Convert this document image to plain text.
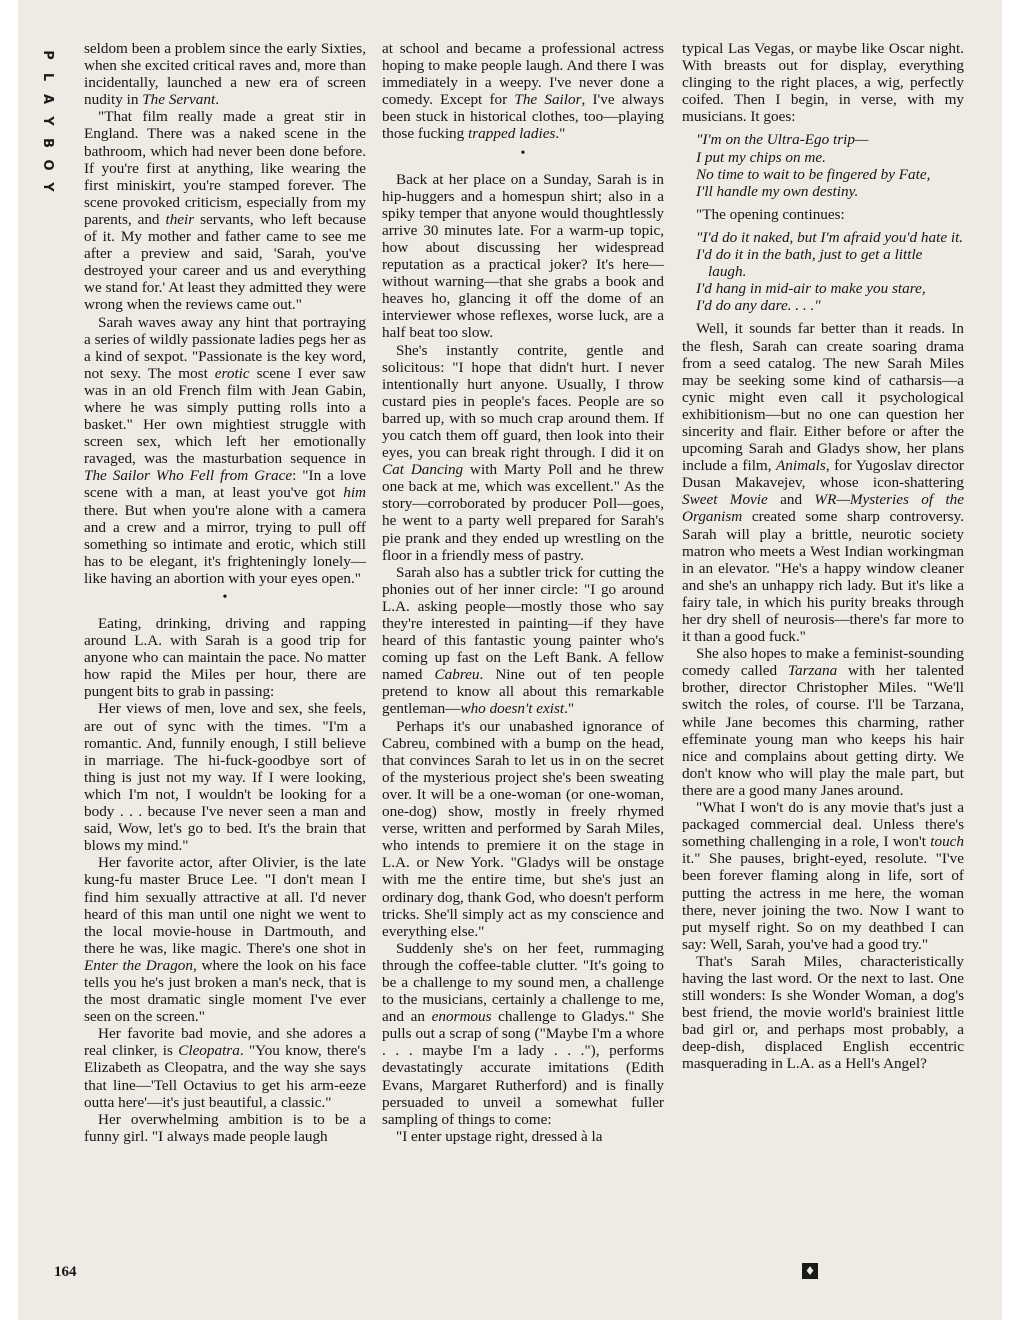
P
L
A
Y
B
O
Y

seldom been a problem since the early Sixties, when she excited critical raves and, more than incidentally, launched a new era of screen nudity in The Servant.

"That film really made a great stir in England. There was a naked scene in the bathroom, which had never been done before. If you're first at anything, like wearing the first miniskirt, you're stamped forever. The scene provoked criticism, especially from my parents, and their servants, who left because of it. My mother and father came to see me after a preview and said, 'Sarah, you've destroyed your career and us and everything we stand for.' At least they admitted they were wrong when the reviews came out."

Sarah waves away any hint that portraying a series of wildly passionate ladies pegs her as a kind of sexpot. "Passionate is the key word, not sexy. The most erotic scene I ever saw was in an old French film with Jean Gabin, where he was simply putting rolls into a basket." Her own mightiest struggle with screen sex, which left her emotionally ravaged, was the masturbation sequence in The Sailor Who Fell from Grace: "In a love scene with a man, at least you've got him there. But when you're alone with a camera and a crew and a mirror, trying to pull off something so intimate and erotic, which still has to be elegant, it's frighteningly lonely—like having an abortion with your eyes open."

•

Eating, drinking, driving and rapping around L.A. with Sarah is a good trip for anyone who can maintain the pace. No matter how rapid the Miles per hour, there are pungent bits to grab in passing:

Her views of men, love and sex, she feels, are out of sync with the times. "I'm a romantic. And, funnily enough, I still believe in marriage. The hi-fuck-goodbye sort of thing is just not my way. If I were looking, which I'm not, I wouldn't be looking for a body . . . because I've never seen a man and said, Wow, let's go to bed. It's the brain that blows my mind."

Her favorite actor, after Olivier, is the late kung-fu master Bruce Lee. "I don't mean I find him sexually attractive at all. I'd never heard of this man until one night we went to the local movie-house in Dartmouth, and there he was, like magic. There's one shot in Enter the Dragon, where the look on his face tells you he's just broken a man's neck, that is the most dramatic single moment I've ever seen on the screen."

Her favorite bad movie, and she adores a real clinker, is Cleopatra. "You know, there's Elizabeth as Cleopatra, and the way she says that line—'Tell Octavius to get his arm-eeze outta here'—it's just beautiful, a classic."

Her overwhelming ambition is to be a funny girl. "I always made people laugh

at school and became a professional actress hoping to make people laugh. And there I was immediately in a weepy. I've never done a comedy. Except for The Sailor, I've always been stuck in historical clothes, too—playing those fucking trapped ladies."

•

Back at her place on a Sunday, Sarah is in hip-huggers and a homespun shirt; also in a spiky temper that anyone would thoughtlessly arrive 30 minutes late. For a warm-up topic, how about discussing her widespread reputation as a practical joker? It's here—without warning—that she grabs a book and heaves ho, glancing it off the dome of an interviewer whose reflexes, worse luck, are a half beat too slow.

She's instantly contrite, gentle and solicitous: "I hope that didn't hurt. I never intentionally hurt anyone. Usually, I throw custard pies in people's faces. People are so barred up, with so much crap around them. If you catch them off guard, then look into their eyes, you can break right through. I did it on Cat Dancing with Marty Poll and he threw one back at me, which was excellent." As the story—corroborated by producer Poll—goes, he went to a party well prepared for Sarah's pie prank and they ended up wrestling on the floor in a friendly mess of pastry.

Sarah also has a subtler trick for cutting the phonies out of her inner circle: "I go around L.A. asking people—mostly those who say they're interested in painting—if they have heard of this fantastic young painter who's coming up fast on the Left Bank. A fellow named Cabreu. Nine out of ten people pretend to know all about this remarkable gentleman—who doesn't exist."

Perhaps it's our unabashed ignorance of Cabreu, combined with a bump on the head, that convinces Sarah to let us in on the secret of the mysterious project she's been sweating over. It will be a one-woman (or one-woman, one-dog) show, mostly in freely rhymed verse, written and performed by Sarah Miles, who intends to premiere it on the stage in L.A. or New York. "Gladys will be onstage with me the entire time, but she's just an ordinary dog, thank God, who doesn't perform tricks. She'll simply act as my conscience and everything else."

Suddenly she's on her feet, rummaging through the coffee-table clutter. "It's going to be a challenge to my sound men, a challenge to the musicians, certainly a challenge to me, and an enormous challenge to Gladys." She pulls out a scrap of song ("Maybe I'm a whore . . . maybe I'm a lady . . ."), performs devastatingly accurate imitations (Edith Evans, Margaret Rutherford) and is finally persuaded to unveil a somewhat fuller sampling of things to come:

"I enter upstage right, dressed à la

typical Las Vegas, or maybe like Oscar night. With breasts out for display, everything clinging to the right places, a wig, perfectly coifed. Then I begin, in verse, with my musicians. It goes:

"I'm on the Ultra-Ego trip—
I put my chips on me.
No time to wait to be fingered by Fate,
I'll handle my own destiny.

"The opening continues:

"I'd do it naked, but I'm afraid you'd hate it.
I'd do it in the bath, just to get a little laugh.
I'd hang in mid-air to make you stare,
I'd do any dare. . . ."

Well, it sounds far better than it reads. In the flesh, Sarah can create soaring drama from a seed catalog. The new Sarah Miles may be seeking some kind of catharsis—a cynic might even call it psychological exhibitionism—but no one can question her sincerity and flair. Either before or after the upcoming Sarah and Gladys show, her plans include a film, Animals, for Yugoslav director Dusan Makavejev, whose icon-shattering Sweet Movie and WR—Mysteries of the Organism created some sharp controversy. Sarah will play a brittle, neurotic society matron who meets a West Indian workingman in an elevator. "He's a happy window cleaner and she's an unhappy rich lady. But it's like a fairy tale, in which his purity breaks through her dry shell of neurosis—there's far more to it than a good fuck."

She also hopes to make a feminist-sounding comedy called Tarzana with her talented brother, director Christopher Miles. "We'll switch the roles, of course. I'll be Tarzana, while Jane becomes this charming, rather effeminate young man who keeps his hair nice and complains about getting dirty. We don't know who will play the male part, but there are a good many Janes around.

"What I won't do is any movie that's just a packaged commercial deal. Unless there's something challenging in a role, I won't touch it." She pauses, bright-eyed, resolute. "I've been forever flaming along in life, sort of putting the actress in me here, the woman there, never joining the two. Now I want to put myself right. So on my deathbed I can say: Well, Sarah, you've had a good try."

That's Sarah Miles, characteristically having the last word. Or the next to last. One still wonders: Is she Wonder Woman, a dog's best friend, the movie world's brainiest little bad girl or, and perhaps most probably, a deep-dish, displaced English eccentric masquerading in L.A. as a Hell's Angel?

164	♦
